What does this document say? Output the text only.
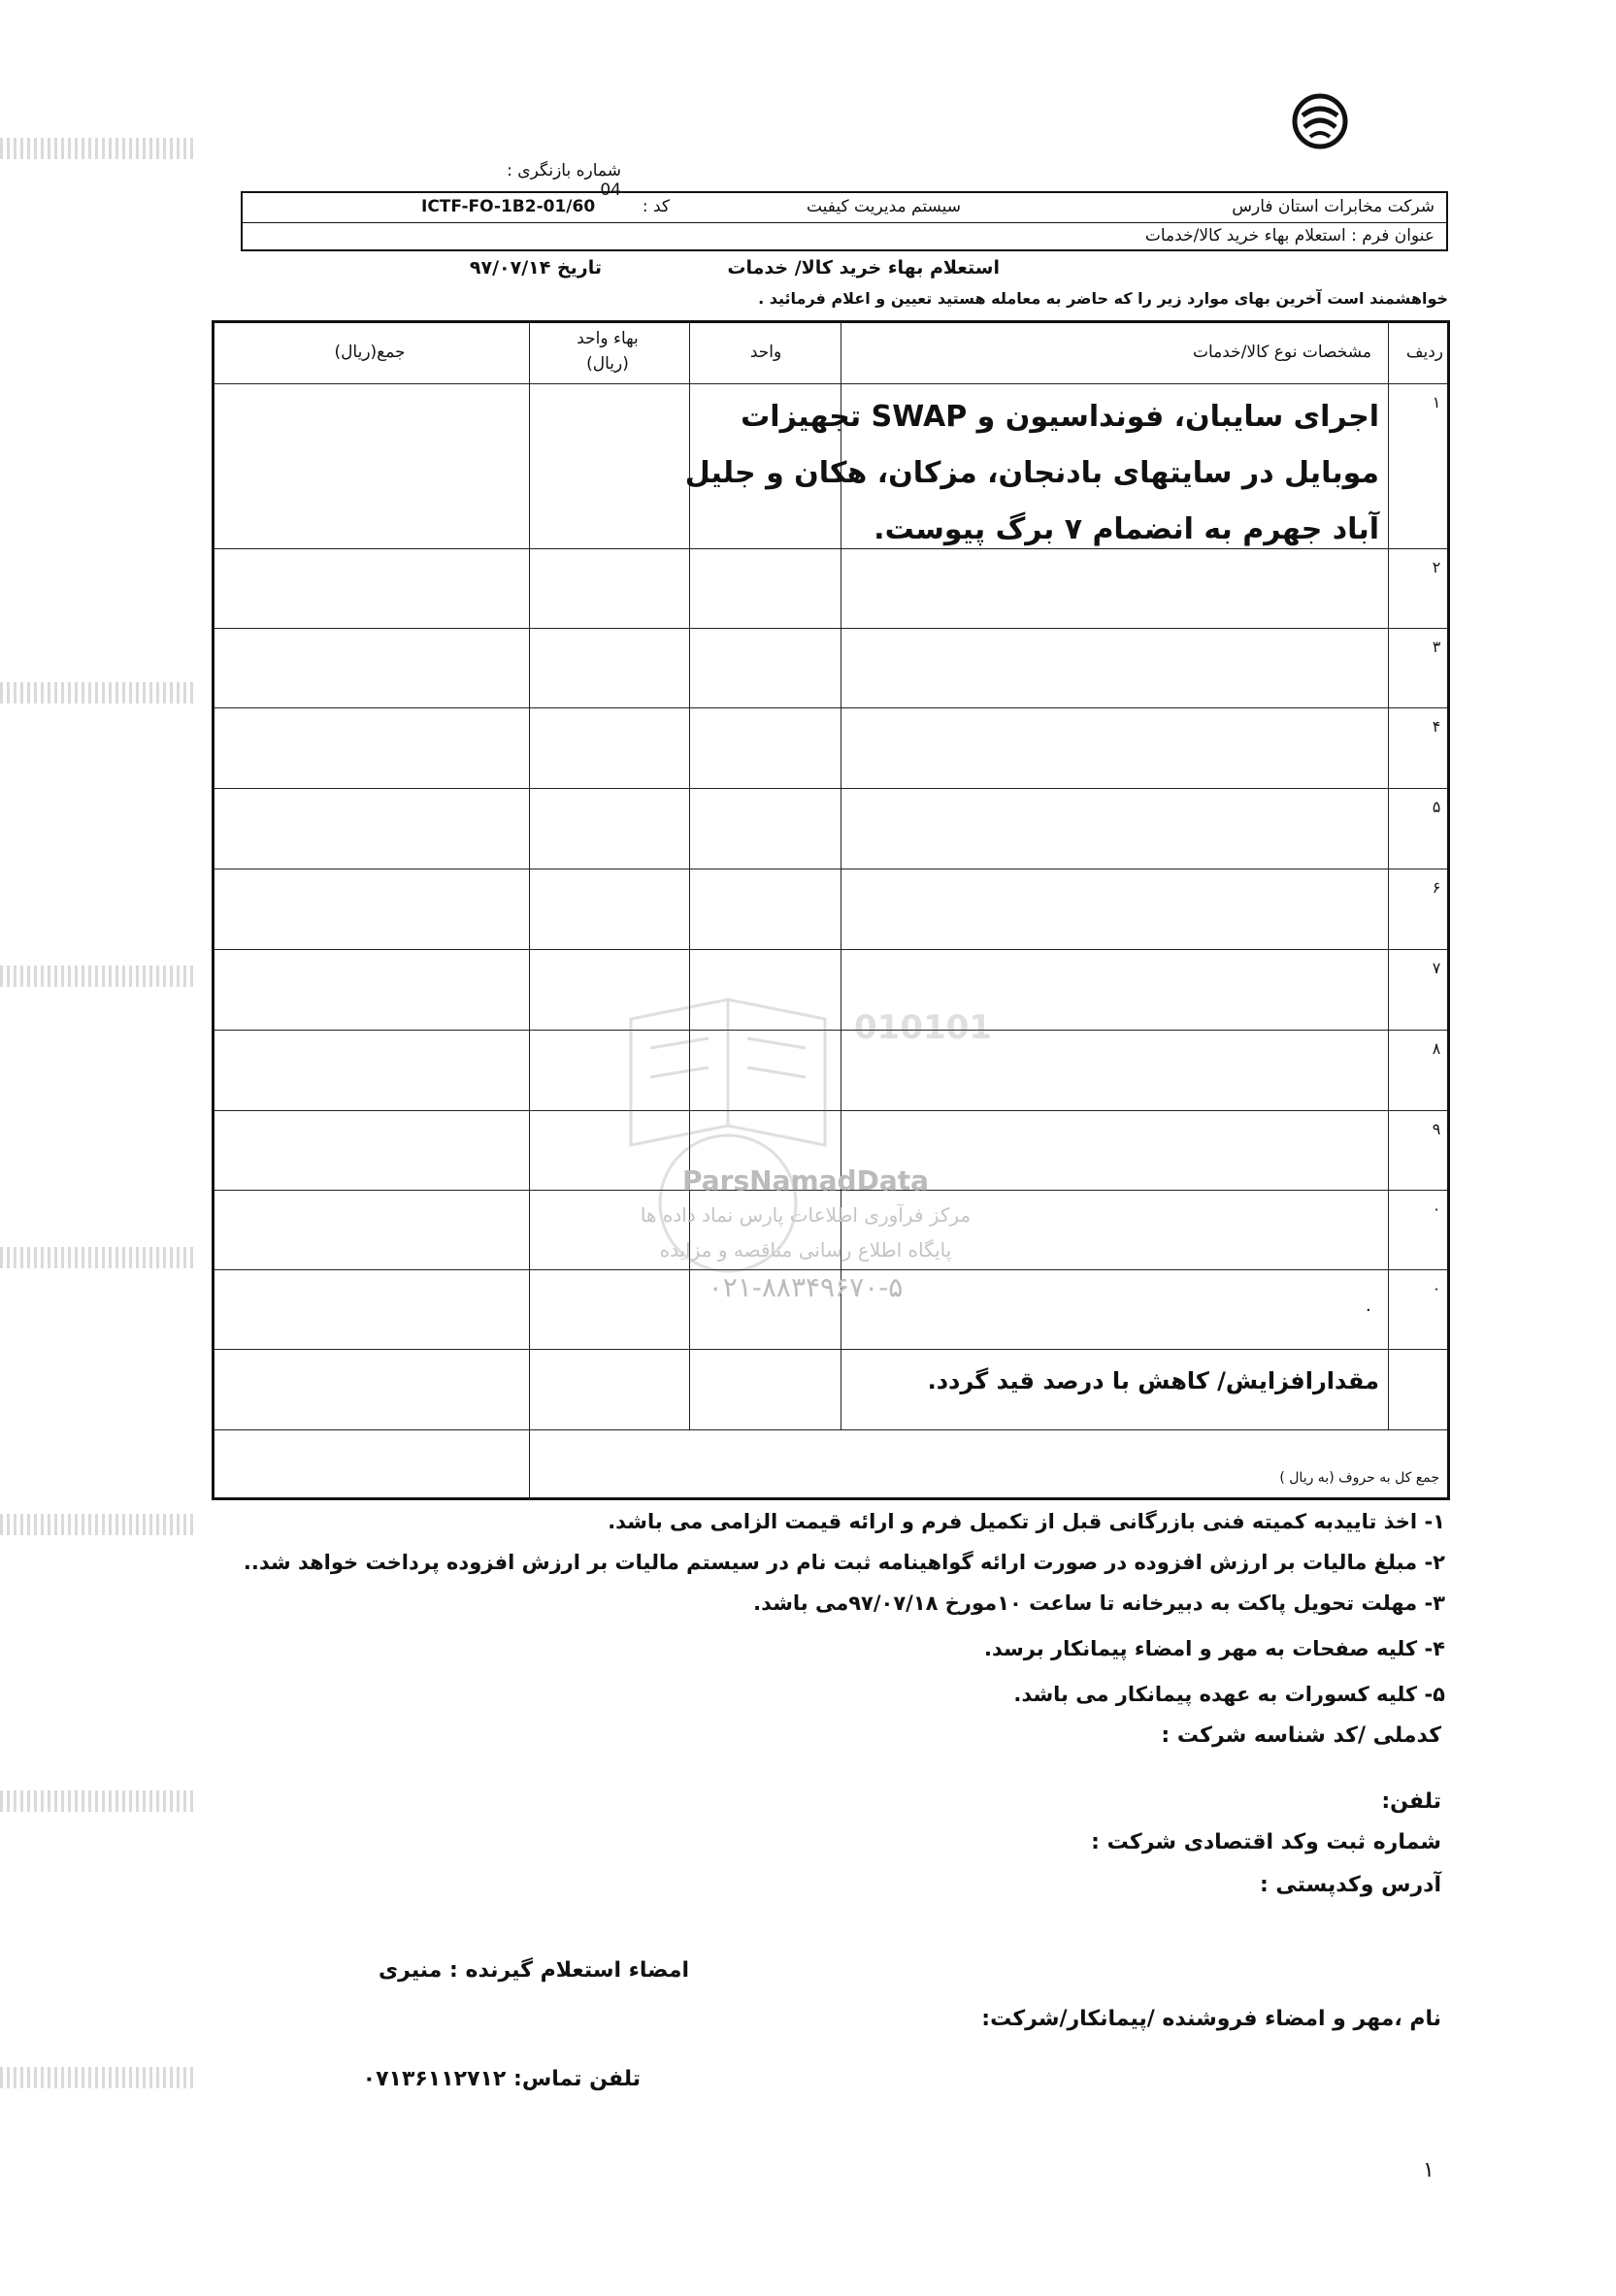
شماره بازنگری : 04
شرکت مخابرات استان فارس
سیستم مدیریت کیفیت
کد :
ICTF-FO-1B2-01/60
عنوان فرم : استعلام بهاء خرید کالا/خدمات
استعلام بهاء خرید کالا/ خدمات
تاریخ ۹۷/۰۷/۱۴
خواهشمند است آخرین بهای موارد زیر را که حاضر به معامله هستید تعیین و اعلام فرمائید .
ردیف
مشخصات نوع کالا/خدمات
واحد
بهاء واحد
(ریال)
جمع(ریال)
۱
۲
۳
۴
۵
۶
۷
۸
۹
٠
٠
اجرای سایبان، فونداسیون و SWAP تجهیزات
موبایل در سایتهای بادنجان، مزکان، هکان و جلیل
آباد جهرم به انضمام ۷ برگ پیوست.
٠
مقدارافزایش/ کاهش با درصد قید گردد.
جمع کل به حروف (به ریال )
010101
ParsNamadData
مرکز فرآوری اطلاعات پارس نماد داده ها
پایگاه اطلاع رسانی مناقصه و مزایده
۰۲۱-۸۸۳۴۹۶۷۰-۵
۱- اخذ تاییدبه کمیته فنی بازرگانی قبل از تکمیل فرم و ارائه قیمت الزامی می باشد.
۲- مبلغ مالیات بر ارزش افزوده در صورت ارائه گواهینامه ثبت نام در سیستم مالیات بر ارزش افزوده پرداخت خواهد شد..
۳- مهلت تحویل پاکت به دبیرخانه تا ساعت ۱۰مورخ ۹۷/۰۷/۱۸می باشد.
۴- کلیه صفحات به مهر و امضاء پیمانکار برسد.
۵- کلیه کسورات به عهده پیمانکار می باشد.
کدملی /کد شناسه شرکت :
تلفن:
شماره ثبت وکد اقتصادی شرکت :
آدرس وکدپستی :
امضاء استعلام گیرنده : منیری
نام ،مهر و امضاء فروشنده /پیمانکار/شرکت:
تلفن تماس: ۰۷۱۳۶۱۱۲۷۱۲
۱
